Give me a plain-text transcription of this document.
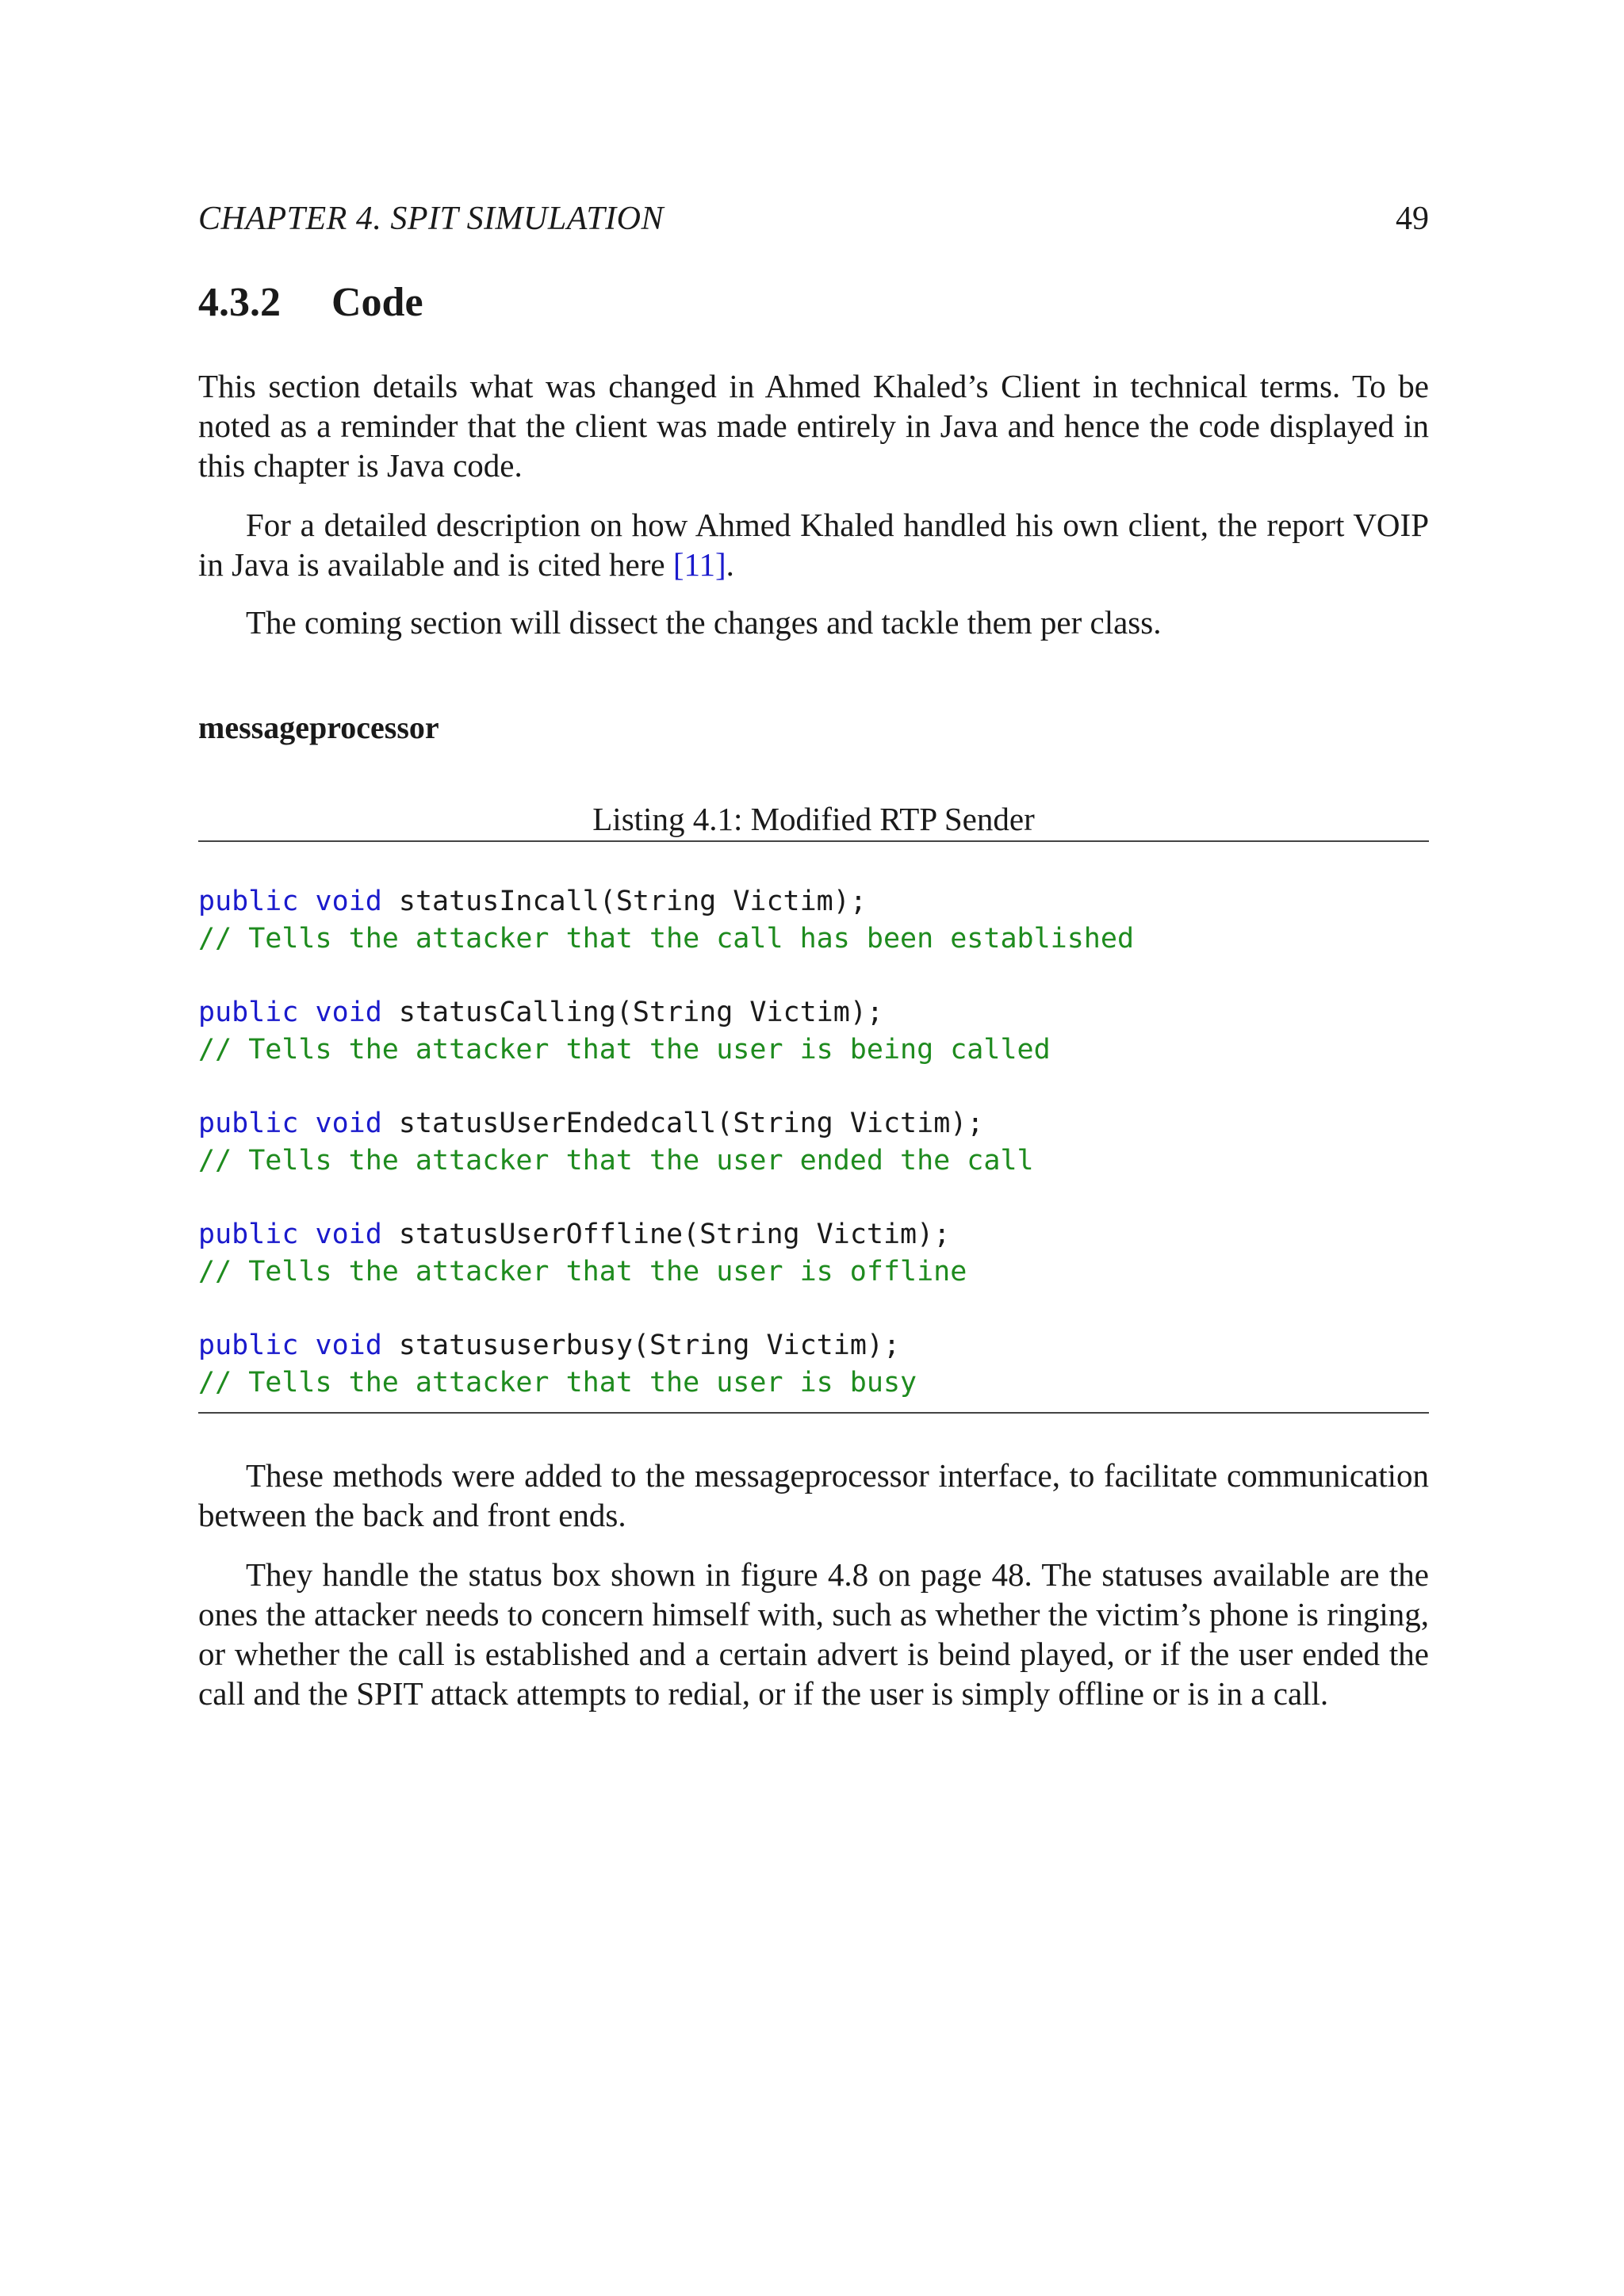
CHAPTER 4. SPIT SIMULATION	49
4.3.2 Code

This section details what was changed in Ahmed Khaled’s Client in technical terms. To be noted as a reminder that the client was made entirely in Java and hence the code displayed in this chapter is Java code.

For a detailed description on how Ahmed Khaled handled his own client, the report VOIP in Java is available and is cited here [11].

The coming section will dissect the changes and tackle them per class.

messageprocessor
Listing 4.1: Modified RTP Sender
public void statusIncall(String Victim);
// Tells the attacker that the call has been established
public void statusCalling(String Victim);
// Tells the attacker that the user is being called
public void statusUserEndedcall(String Victim);
// Tells the attacker that the user ended the call
public void statusUserOffline(String Victim);
// Tells the attacker that the user is offline
public void statususerbusy(String Victim);
// Tells the attacker that the user is busy

These methods were added to the messageprocessor interface, to facilitate communication between the back and front ends.

They handle the status box shown in figure 4.8 on page 48. The statuses available are the ones the attacker needs to concern himself with, such as whether the victim’s phone is ringing, or whether the call is established and a certain advert is beind played, or if the user ended the call and the SPIT attack attempts to redial, or if the user is simply offline or is in a call.
